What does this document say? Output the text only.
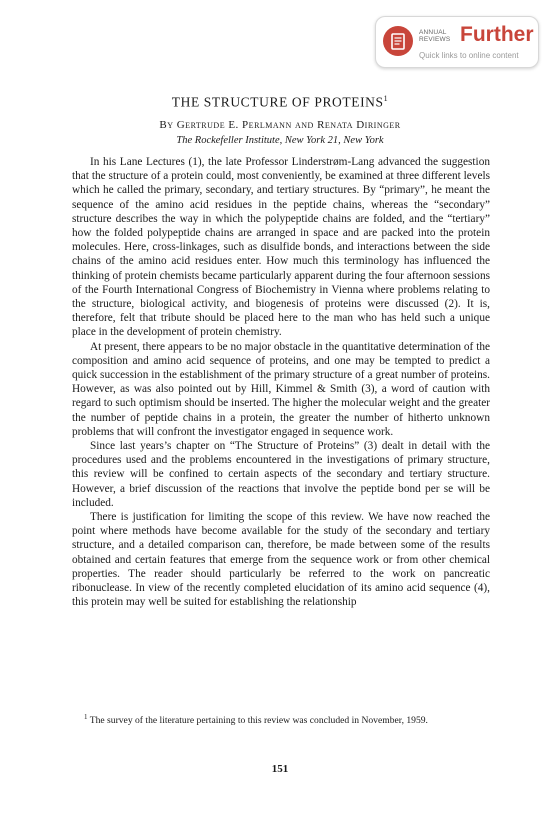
ANNUAL REVIEWS Further
Quick links to online content
THE STRUCTURE OF PROTEINS$^1$
By Gertrude E. Perlmann and Renata Diringer
The Rockefeller Institute, New York 21, New York

In his Lane Lectures (1), the late Professor Linderstrøm-Lang advanced the suggestion that the structure of a protein could, most conveniently, be examined at three different levels which he called the primary, secondary, and tertiary structures. By “primary”, he meant the sequence of the amino acid residues in the peptide chains, whereas the “secondary” structure describes the way in which the polypeptide chains are folded, and the “tertiary” how the folded polypeptide chains are arranged in space and are packed into the protein molecules. Here, cross-linkages, such as disulfide bonds, and interactions between the side chains of the amino acid residues enter. How much this terminology has influenced the thinking of protein chemists became particularly apparent during the four afternoon sessions of the Fourth International Congress of Biochemistry in Vienna where problems relating to the structure, biological activity, and biogenesis of proteins were discussed (2). It is, therefore, felt that tribute should be placed here to the man who has held such a unique place in the development of protein chemistry.

At present, there appears to be no major obstacle in the quantitative determination of the composition and amino acid sequence of proteins, and one may be tempted to predict a quick succession in the establishment of the primary structure of a great number of proteins. However, as was also pointed out by Hill, Kimmel & Smith (3), a word of caution with regard to such optimism should be inserted. The higher the molecular weight and the greater the number of peptide chains in a protein, the greater the number of hitherto unknown problems that will confront the investigator engaged in sequence work.

Since last years’s chapter on “The Structure of Proteins” (3) dealt in detail with the procedures used and the problems encountered in the investigations of primary structure, this review will be confined to certain aspects of the secondary and tertiary structure. However, a brief discussion of the reactions that involve the peptide bond per se will be included.

There is justification for limiting the scope of this review. We have now reached the point where methods have become available for the study of the secondary and tertiary structure, and a detailed comparison can, therefore, be made between some of the results obtained and certain features that emerge from the sequence work or from other chemical properties. The reader should particularly be referred to the work on pancreatic ribonuclease. In view of the recently completed elucidation of its amino acid sequence (4), this protein may well be suited for establishing the relationship

$^1$ The survey of the literature pertaining to this review was concluded in November, 1959.
151
